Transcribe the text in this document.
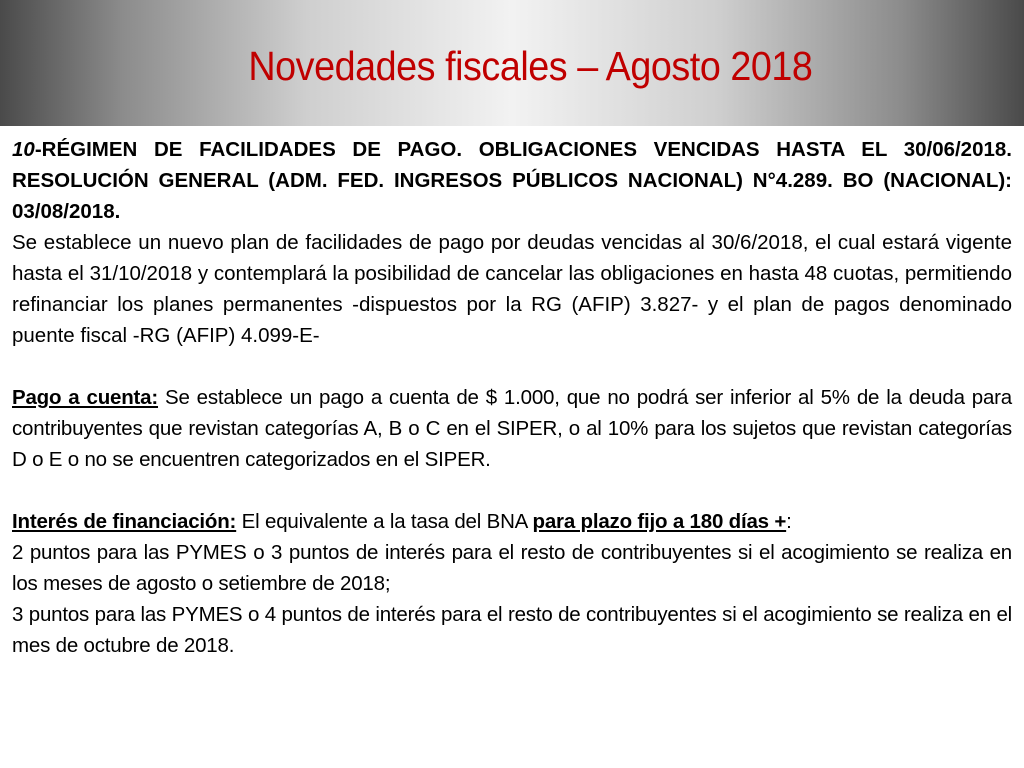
Novedades fiscales – Agosto 2018

10-RÉGIMEN DE FACILIDADES DE PAGO. OBLIGACIONES VENCIDAS HASTA EL 30/06/2018. RESOLUCIÓN GENERAL (ADM. FED. INGRESOS PÚBLICOS NACIONAL) N°4.289. BO (NACIONAL): 03/08/2018.

Se establece un nuevo plan de facilidades de pago por deudas vencidas al 30/6/2018, el cual estará vigente hasta el 31/10/2018 y contemplará la posibilidad de cancelar las obligaciones en hasta 48 cuotas, permitiendo refinanciar los planes permanentes -dispuestos por la RG (AFIP) 3.827- y el plan de pagos denominado puente fiscal -RG (AFIP) 4.099-E-

Pago a cuenta: Se establece un pago a cuenta de $ 1.000, que no podrá ser inferior al 5% de la deuda para contribuyentes que revistan categorías A, B o C en el SIPER, o al 10% para los sujetos que revistan categorías D o E o no se encuentren categorizados en el SIPER.

Interés de financiación: El equivalente a la tasa del BNA para plazo fijo a 180 días +:

2 puntos para las PYMES o 3 puntos de interés para el resto de contribuyentes si el acogimiento se realiza en los meses de agosto o setiembre de 2018;

3 puntos para las PYMES o 4 puntos de interés para el resto de contribuyentes si el acogimiento se realiza en el mes de octubre de 2018.
